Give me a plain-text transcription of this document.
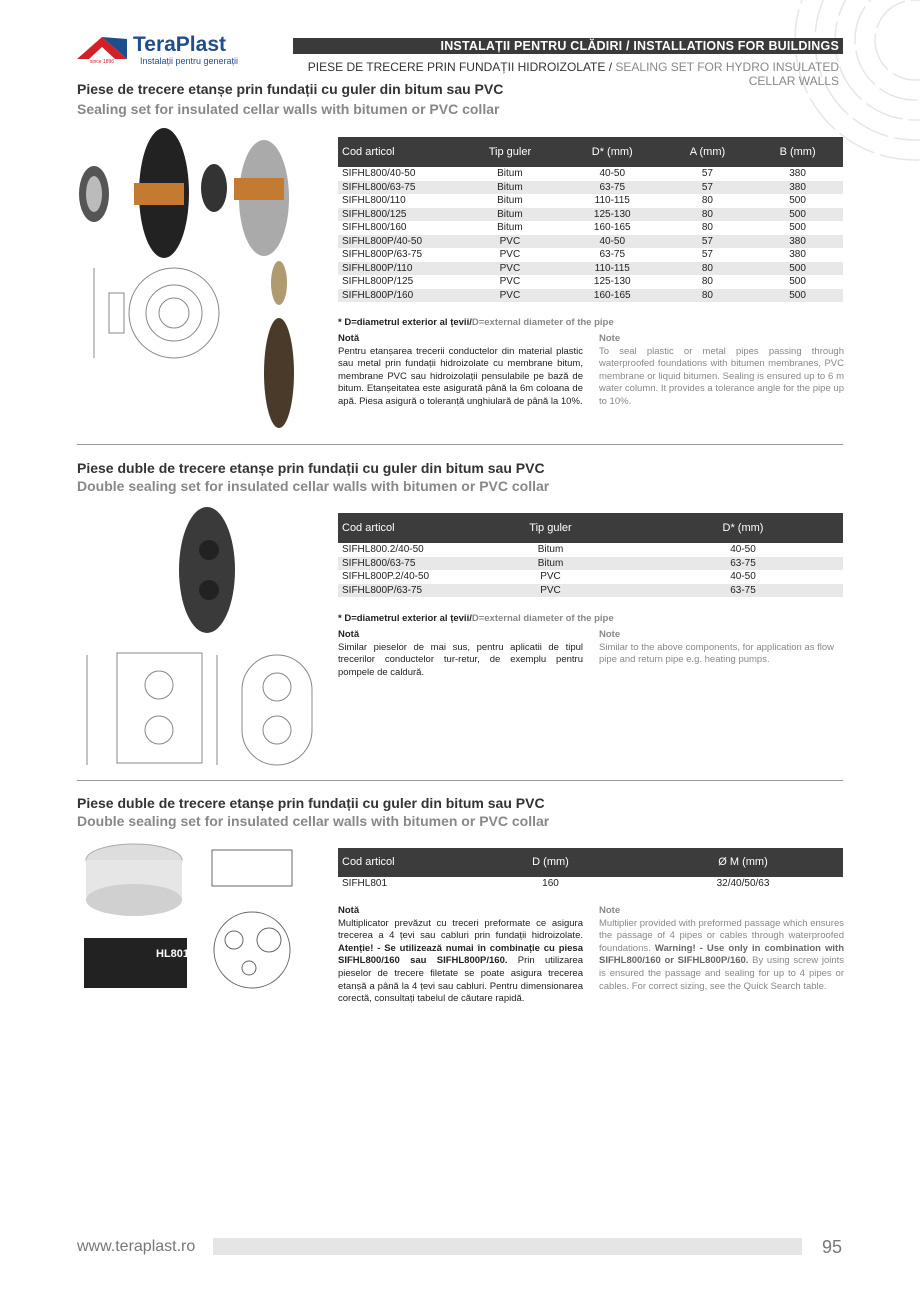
since 1896
TeraPlast
Instalații pentru generații
INSTALAȚII PENTRU CLĂDIRI / INSTALLATIONS FOR BUILDINGS
PIESE DE TRECERE PRIN FUNDAȚII HIDROIZOLATE / SEALING SET FOR HYDRO INSULATED CELLAR WALLS
Piese de trecere etanșe prin fundații cu guler din bitum sau PVC
Sealing set for insulated cellar walls with bitumen or PVC collar
Cod articol	Tip guler	D* (mm)	A (mm)	B (mm)
SIFHL800/40-50	Bitum	40-50	57	380
SIFHL800/63-75	Bitum	63-75	57	380
SIFHL800/110	Bitum	110-115	80	500
SIFHL800/125	Bitum	125-130	80	500
SIFHL800/160	Bitum	160-165	80	500
SIFHL800P/40-50	PVC	40-50	57	380
SIFHL800P/63-75	PVC	63-75	57	380
SIFHL800P/110	PVC	110-115	80	500
SIFHL800P/125	PVC	125-130	80	500
SIFHL800P/160	PVC	160-165	80	500
* D=diametrul exterior al țevii/D=external diameter of the pipe
Notă
Pentru etanșarea trecerii conductelor din material plastic sau metal prin fundații hidroizolate cu membrane bitum, membrane PVC sau hidroizolații pensulabile pe bază de bitum. Etanșeitatea este asigurată până la 6m coloana de apă. Piesa asigură o toleranță unghiulară de până la 10%.
Note
To seal plastic or metal pipes passing through waterproofed foundations with bitumen membranes, PVC membrane or liquid bitumen. Sealing is ensured up to 6 m water column. It provides a tolerance angle for the pipe up to 10%.
Piese duble de trecere etanșe prin fundații cu guler din bitum sau PVC
Double sealing set for insulated cellar walls with bitumen or PVC collar
Cod articol	Tip guler	D* (mm)
SIFHL800.2/40-50	Bitum	40-50
SIFHL800/63-75	Bitum	63-75
SIFHL800P.2/40-50	PVC	40-50
SIFHL800P/63-75	PVC	63-75
* D=diametrul exterior al țevii/D=external diameter of the pipe
Notă
Similar pieselor de mai sus, pentru aplicatii de tipul trecerilor conductelor tur-retur, de exemplu pentru pompele de caldură.
Note
Similar to the above components, for application as flow pipe and return pipe e.g. heating pumps.
Piese duble de trecere etanșe prin fundații cu guler din bitum sau PVC
Double sealing set for insulated cellar walls with bitumen or PVC collar
HL801
Cod articol	D (mm)	Ø M (mm)
SIFHL801	160	32/40/50/63
Notă
Multiplicator prevăzut cu treceri preformate ce asigura trecerea a 4 țevi sau cabluri prin fundații hidroizolate. Atenție! - Se utilizează numai în combinație cu piesa SIFHL800/160 sau SIFHL800P/160. Prin utilizarea pieselor de trecere filetate se poate asigura trecerea etanșă a până la 4 țevi sau cabluri. Pentru dimensionarea corectă, consultați tabelul de căutare rapidă.
Note
Multiplier provided with preformed passage which ensures the passage of 4 pipes or cables through waterproofed foundations. Warning! - Use only in combination with SIFHL800/160 or SIFHL800P/160. By using screw joints is ensured the passage and sealing for up to 4 pipes or cables. For correct sizing, see the Quick Search table.
www.teraplast.ro	95
